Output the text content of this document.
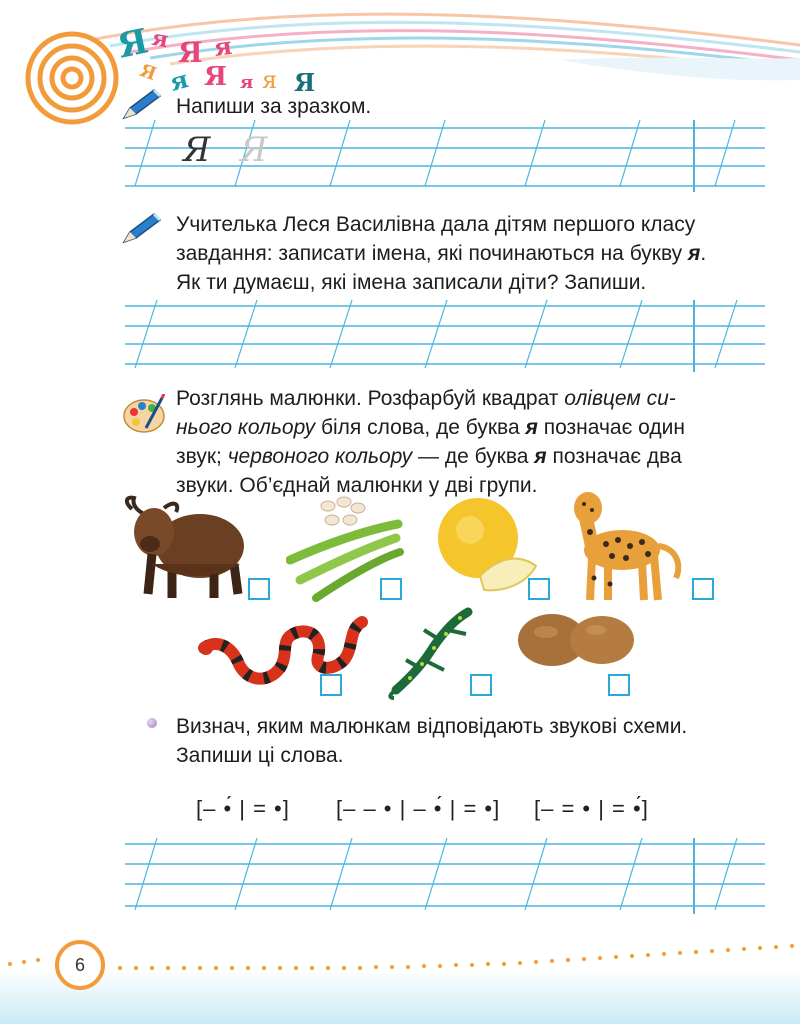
Я
я Я я
Я я Я я я Я
Напиши за зразком.
Я Я
Учителька Леся Василівна дала дітям першого класу
завдання: записати імена, які починаються на букву я.
Як ти думаєш, які імена записали діти? Запиши.
Розглянь малюнки. Розфарбуй квадрат олівцем си-
нього кольору біля слова, де буква я позначає один
звук; червоного кольору — де буква я позначає два
звуки. Об’єднай малюнки у дві групи.
Визнач, яким малюнкам відповідають звукові схеми.
Запиши ці слова.
[– •́ | = •] [– – • | – •́ | = •] [– = • | = •́]
6
